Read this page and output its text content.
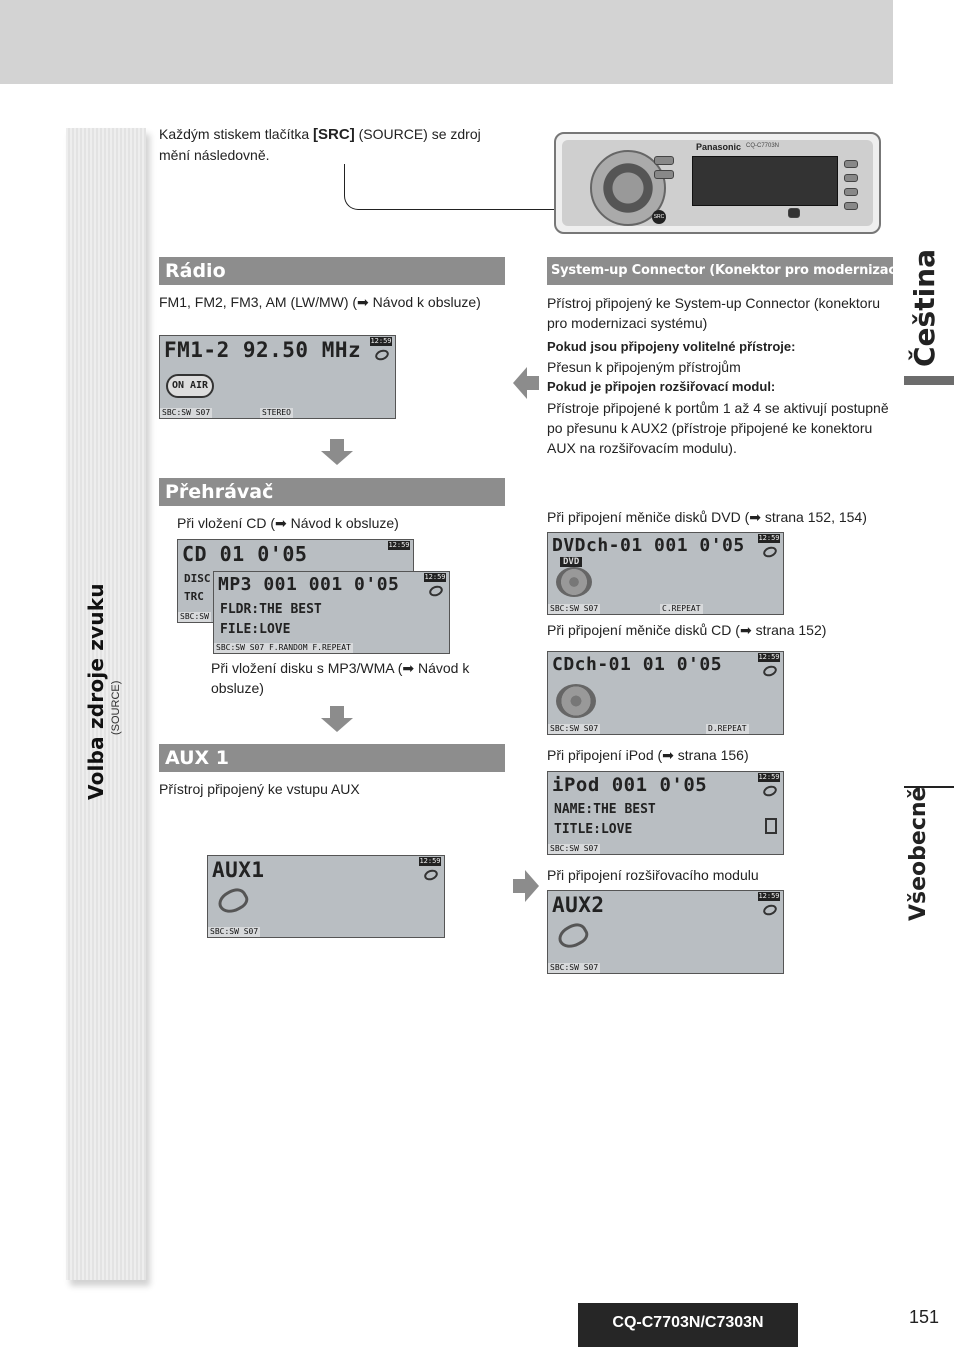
Volba zdroje zvuku (SOURCE)
Každým stiskem tlačítka [SRC] (SOURCE) se zdroj mění následovně.	Panasonic CQ-C7703N
SRC
Rádio
FM1, FM2, FM3, AM (LW/MW) (➡ Návod k obsluze)
FM1-2 92.50 MHz 12:59
ON AIR
SBC:SW S07	STEREO
Přehrávač
Při vložení CD (➡ Návod k obsluze)
CD 01 0'05	12:59
DISC
TRC
SBC:SW
MP3 001 001 0'05	12:59
FLDR:THE BEST
FILE:LOVE
SBC:SW S07 F.RANDOM F.REPEAT
Při vložení disku s MP3/WMA (➡ Návod k obsluze)
AUX 1
Přístroj připojený ke vstupu AUX
AUX1	12:59
SBC:SW S07
System-up Connector (Konektor pro modernizaci systému)
Přístroj připojený ke System-up Connector (konektoru pro modernizaci systému)
Pokud jsou připojeny volitelné přístroje:
Přesun k připojeným přístrojům
Pokud je připojen rozšiřovací modul:
Přístroje připojené k portům 1 až 4 se aktivují postupně po přesunu k AUX2 (přístroje připojené ke konektoru AUX na rozšiřovacím modulu).
Při připojení měniče disků DVD (➡ strana 152, 154)
DVDch-01 001 0'05 12:59
DVD
SBC:SW S07	C.REPEAT
Při připojení měniče disků CD (➡ strana 152)
CDch-01 01 0'05	12:59
SBC:SW S07	D.REPEAT
Při připojení iPod (➡ strana 156)
iPod 001 0'05	12:59
NAME:THE BEST
TITLE:LOVE
SBC:SW S07
Při připojení rozšiřovacího modulu
AUX2	12:59
SBC:SW S07
Čeština
Všeobecně
CQ-C7703N/C7303N	151
